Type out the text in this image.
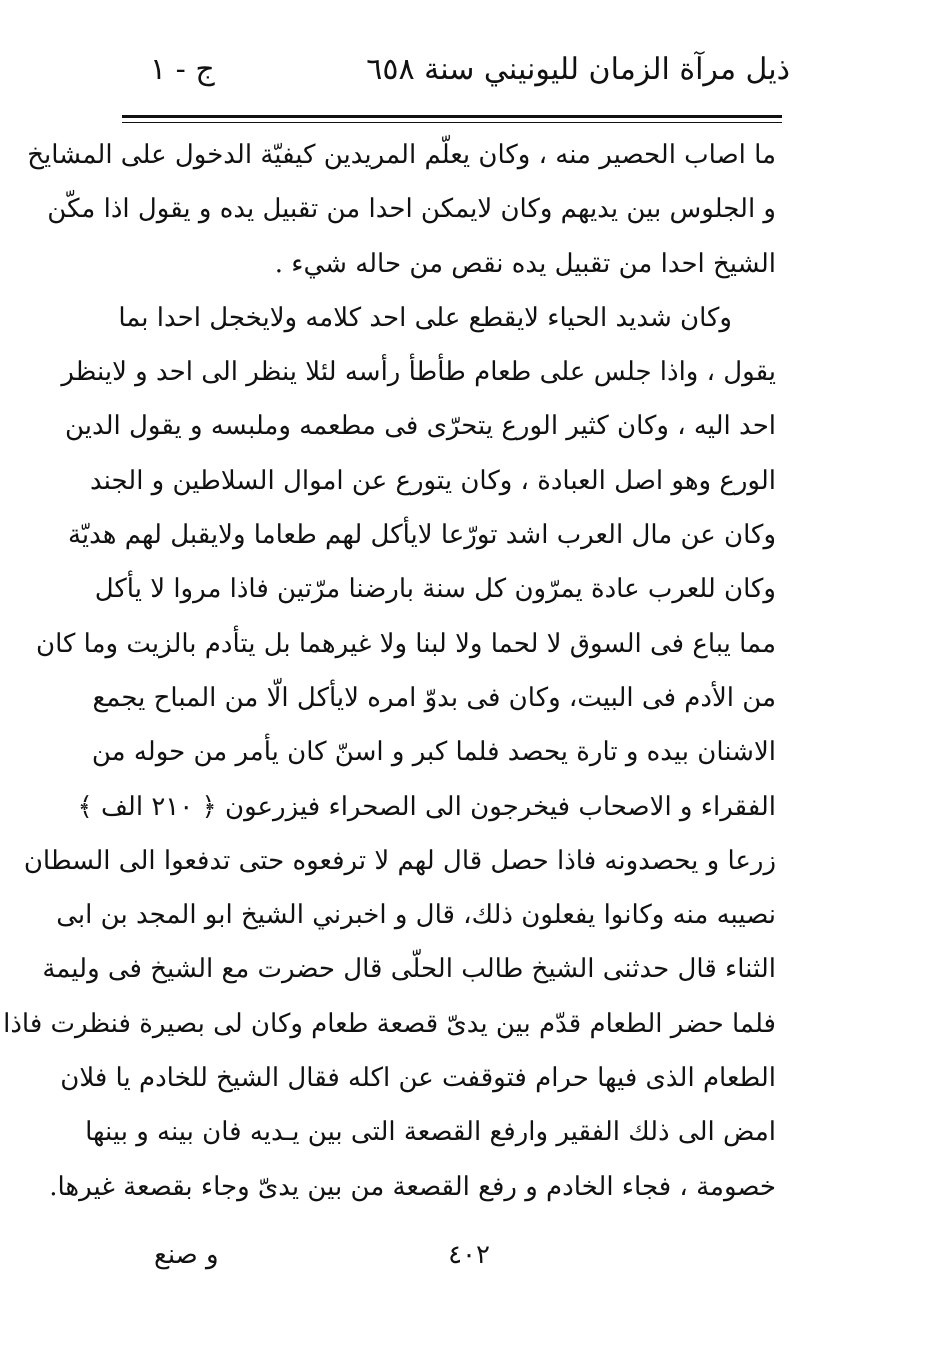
ذيل مرآة الزمان لليونيني سنة ٦٥٨
ج - ١
ما اصاب الحصير منه ، وكان يعلّم المريدين كيفيّة الدخول على المشايخ
و الجلوس بين يديهم وكان لايمكن احدا من تقبيل يده و يقول اذا مكّن
الشيخ احدا من تقبيل يده نقص من حاله شيء .
وكان شديد الحياء لايقطع على احد كلامه ولايخجل احدا بما
يقول ، واذا جلس على طعام طأطأ رأسه لئلا ينظر الى احد و لاينظر
احد اليه ، وكان كثير الورع يتحرّى فى مطعمه وملبسه و يقول الدين
الورع وهو اصل العبادة ، وكان يتورع عن اموال السلاطين و الجند
وكان عن مال العرب اشد تورّعا لايأكل لهم طعاما ولايقبل لهم هديّة
وكان للعرب عادة يمرّون كل سنة بارضنا مرّتين فاذا مروا لا يأكل
مما يباع فى السوق لا لحما ولا لبنا ولا غيرهما بل يتأدم بالزيت وما كان
من الأدم فى البيت، وكان فى بدوّ امره لايأكل الّا من المباح يجمع
الاشنان بيده و تارة يحصد فلما كبر و اسنّ كان يأمر من حوله من
الفقراء و الاصحاب فيخرجون الى الصحراء فيزرعون ﴿ ٢١٠ الف ﴾
زرعا و يحصدونه فاذا حصل قال لهم لا ترفعوه حتى تدفعوا الى السطان
نصيبه منه وكانوا يفعلون ذلك، قال و اخبرني الشيخ ابو المجد بن ابى
الثناء قال حدثنى الشيخ طالب الحلّى قال حضرت مع الشيخ فى وليمة
فلما حضر الطعام قدّم بين يدىّ قصعة طعام وكان لى بصيرة فنظرت فاذا
الطعام الذى فيها حرام فتوقفت عن اكله فقال الشيخ للخادم يا فلان
امض الى ذلك الفقير وارفع القصعة التى بين يـديه فان بينه و بينها
خصومة ، فجاء الخادم و رفع القصعة من بين يدىّ وجاء بقصعة غيرها.
٤٠٢
و صنع
